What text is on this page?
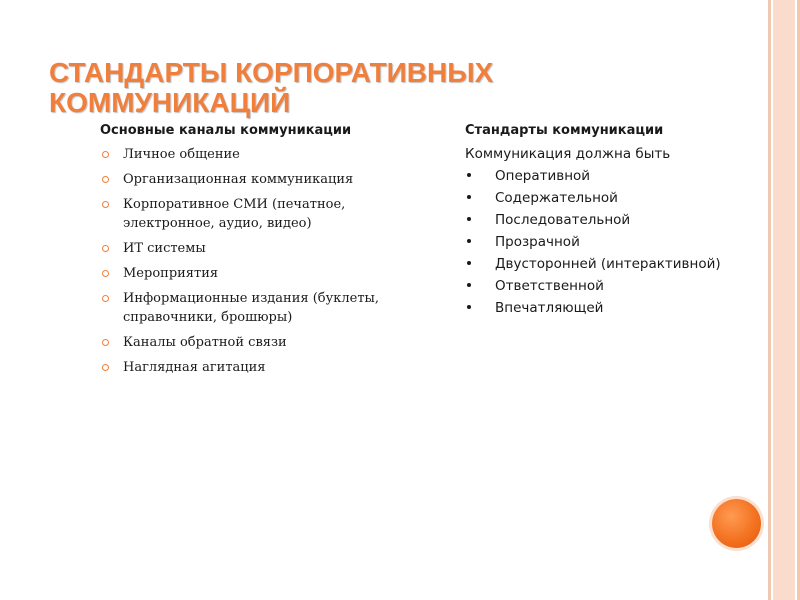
СТАНДАРТЫ КОРПОРАТИВНЫХ
КОММУНИКАЦИЙ
Основные каналы коммуникации
Личное общение
Организационная коммуникация
Корпоративное СМИ (печатное, электронное, аудио, видео)
ИТ системы
Мероприятия
Информационные издания (буклеты, справочники, брошюры)
Каналы обратной связи
Наглядная агитация
Стандарты коммуникации
Коммуникация должна быть
Оперативной
Содержательной
Последовательной
Прозрачной
Двусторонней (интерактивной)
Ответственной
Впечатляющей
